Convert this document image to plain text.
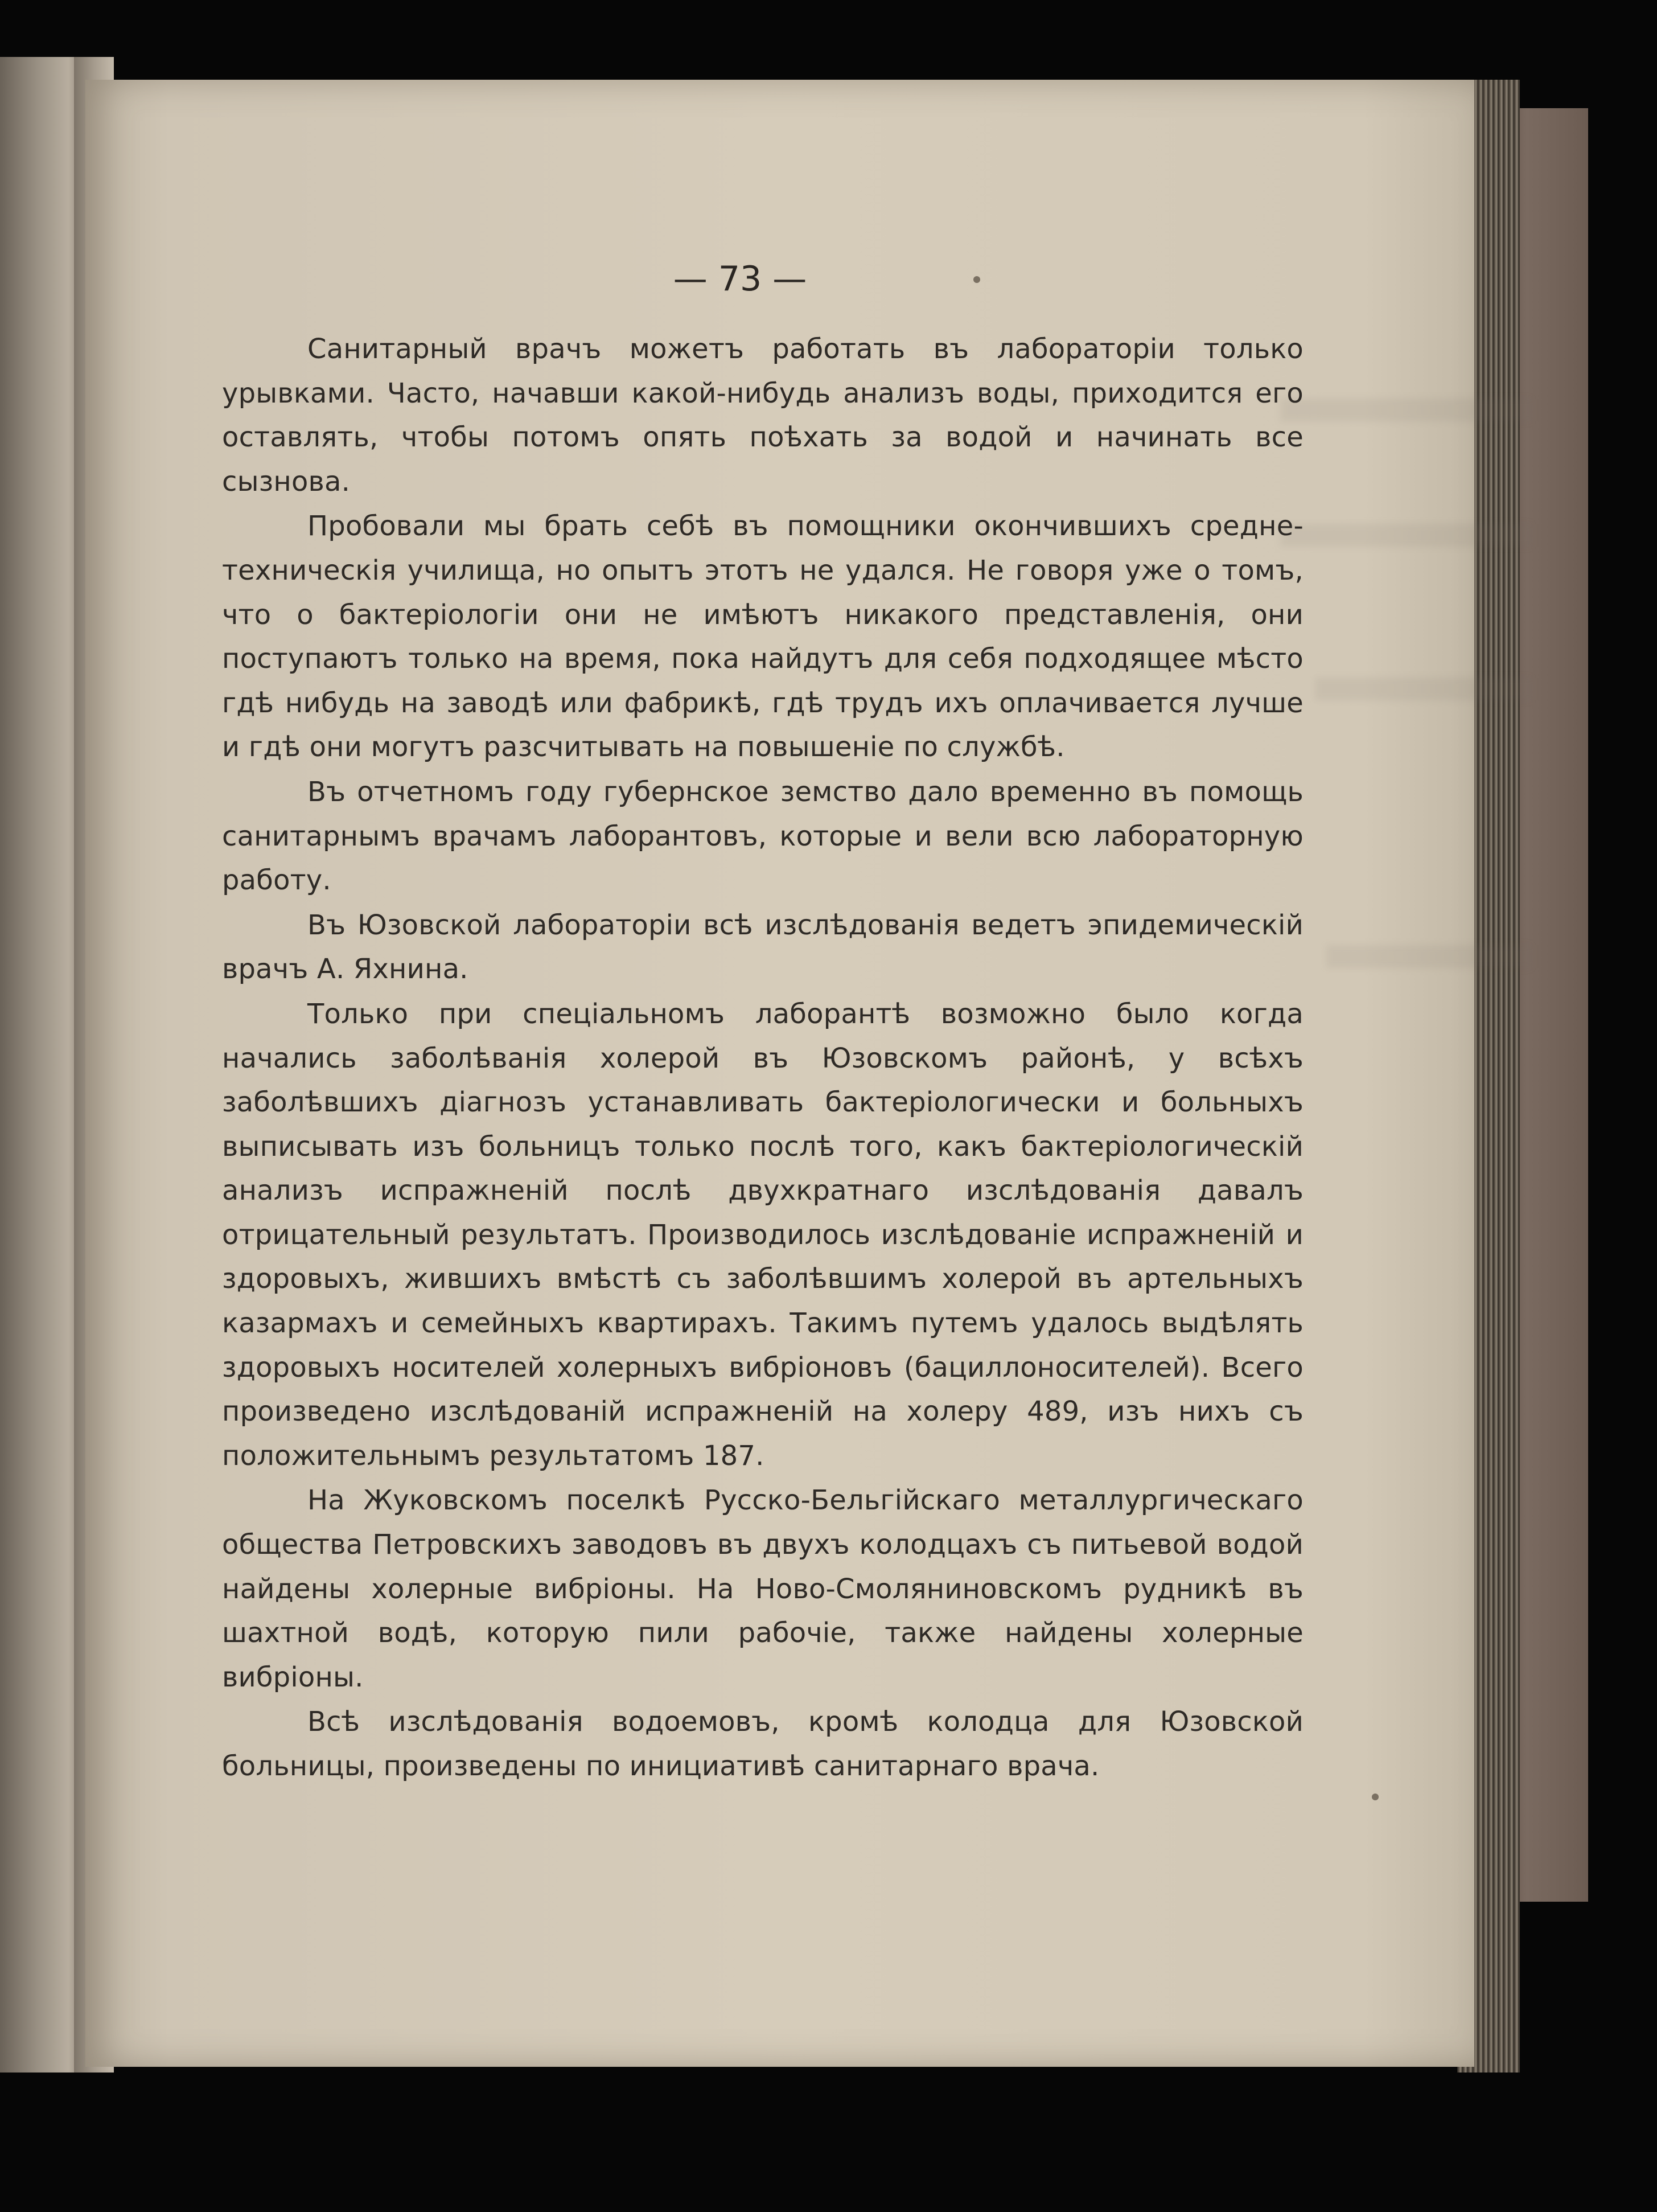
— 73 —

Санитарный врачъ можетъ работать въ лабораторіи только урывками. Часто, начавши какой-нибудь анализъ воды, приходится его оставлять, чтобы потомъ опять поѣхать за водой и начинать все сызнова.

Пробовали мы брать себѣ въ помощники окончившихъ средне-техническія училища, но опытъ этотъ не удался. Не говоря уже о томъ, что о бактеріологіи они не имѣютъ никакого представленія, они поступаютъ только на время, пока найдутъ для себя подходящее мѣсто гдѣ нибудь на заводѣ или фабрикѣ, гдѣ трудъ ихъ оплачивается лучше и гдѣ они могутъ разсчитывать на повышеніе по службѣ.

Въ отчетномъ году губернское земство дало временно въ помощь санитарнымъ врачамъ лаборантовъ, которые и вели всю лабораторную работу.

Въ Юзовской лабораторіи всѣ изслѣдованія ведетъ эпидемическій врачъ А. Яхнина.

Только при спеціальномъ лаборантѣ возможно было когда начались заболѣванія холерой въ Юзовскомъ районѣ, у всѣхъ заболѣвшихъ діагнозъ устанавливать бактеріологически и больныхъ выписывать изъ больницъ только послѣ того, какъ бактеріологическій анализъ испражненій послѣ двухкратнаго изслѣдованія давалъ отрицательный результатъ. Производилось изслѣдованіе испражненій и здоровыхъ, жившихъ вмѣстѣ съ заболѣвшимъ холерой въ артельныхъ казармахъ и семейныхъ квартирахъ. Такимъ путемъ удалось выдѣлять здоровыхъ носителей холерныхъ вибріоновъ (бациллоносителей). Всего произведено изслѣдованій испражненій на холеру 489, изъ нихъ съ положительнымъ результатомъ 187.

На Жуковскомъ поселкѣ Русско-Бельгійскаго металлургическаго общества Петровскихъ заводовъ въ двухъ колодцахъ съ питьевой водой найдены холерные вибріоны. На Ново-Смоляниновскомъ рудникѣ въ шахтной водѣ, которую пили рабочіе, также найдены холерные вибріоны.

Всѣ изслѣдованія водоемовъ, кромѣ колодца для Юзовской больницы, произведены по инициативѣ санитарнаго врача.
